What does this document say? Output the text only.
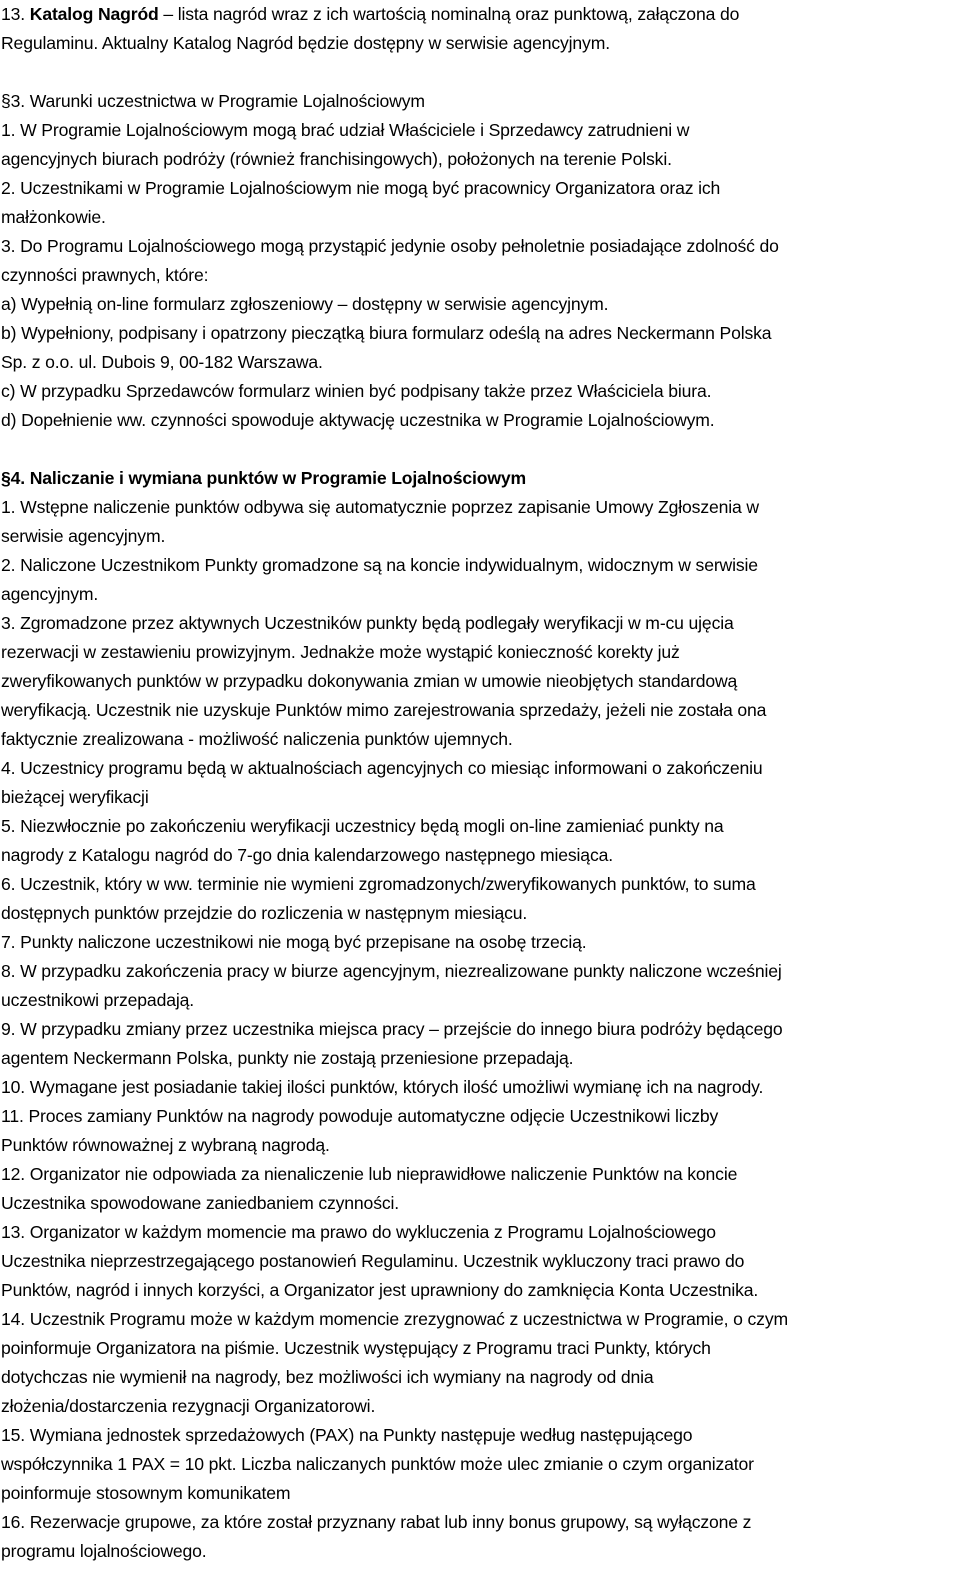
13. Katalog Nagród – lista nagród wraz z ich wartością nominalną oraz punktową, załączona do
Regulaminu. Aktualny Katalog Nagród będzie dostępny w serwisie agencyjnym.
§3. Warunki uczestnictwa w Programie Lojalnościowym
1. W Programie Lojalnościowym mogą brać udział Właściciele i Sprzedawcy zatrudnieni w
agencyjnych biurach podróży (również franchisingowych), położonych na terenie Polski.
2. Uczestnikami w Programie Lojalnościowym nie mogą być pracownicy Organizatora oraz ich
małżonkowie.
3. Do Programu Lojalnościowego mogą przystąpić jedynie osoby pełnoletnie posiadające zdolność do
czynności prawnych, które:
a) Wypełnią on-line formularz zgłoszeniowy – dostępny w serwisie agencyjnym.
b) Wypełniony, podpisany i opatrzony pieczątką biura formularz odeślą na adres Neckermann Polska
Sp. z o.o. ul. Dubois 9, 00-182 Warszawa.
c) W przypadku Sprzedawców formularz winien być podpisany także przez Właściciela biura.
d) Dopełnienie ww. czynności spowoduje aktywację uczestnika w Programie Lojalnościowym.
§4. Naliczanie i wymiana punktów w Programie Lojalnościowym
1. Wstępne naliczenie punktów odbywa się automatycznie poprzez zapisanie Umowy Zgłoszenia w
serwisie agencyjnym.
2. Naliczone Uczestnikom Punkty gromadzone są na koncie indywidualnym, widocznym w serwisie
agencyjnym.
3. Zgromadzone przez aktywnych Uczestników punkty będą podlegały weryfikacji w m-cu ujęcia
rezerwacji w zestawieniu prowizyjnym. Jednakże może wystąpić konieczność korekty już
zweryfikowanych punktów w przypadku dokonywania zmian w umowie nieobjętych standardową
weryfikacją. Uczestnik nie uzyskuje Punktów mimo zarejestrowania sprzedaży, jeżeli nie została ona
faktycznie zrealizowana - możliwość naliczenia punktów ujemnych.
4. Uczestnicy programu będą w aktualnościach agencyjnych co miesiąc informowani o zakończeniu
bieżącej weryfikacji
5. Niezwłocznie po zakończeniu weryfikacji uczestnicy będą mogli on-line zamieniać punkty na
nagrody z Katalogu nagród do 7-go dnia kalendarzowego następnego miesiąca.
6. Uczestnik, który w ww. terminie nie wymieni zgromadzonych/zweryfikowanych punktów, to suma
dostępnych punktów przejdzie do rozliczenia w następnym miesiącu.
7. Punkty naliczone uczestnikowi nie mogą być przepisane na osobę trzecią.
8. W przypadku zakończenia pracy w biurze agencyjnym, niezrealizowane punkty naliczone wcześniej
uczestnikowi przepadają.
9. W przypadku zmiany przez uczestnika miejsca pracy – przejście do innego biura podróży będącego
agentem Neckermann Polska, punkty nie zostają przeniesione przepadają.
10. Wymagane jest posiadanie takiej ilości punktów, których ilość umożliwi wymianę ich na nagrody.
11. Proces zamiany Punktów na nagrody powoduje automatyczne odjęcie Uczestnikowi liczby
Punktów równoważnej z wybraną nagrodą.
12. Organizator nie odpowiada za nienaliczenie lub nieprawidłowe naliczenie Punktów na koncie
Uczestnika spowodowane zaniedbaniem czynności.
13. Organizator w każdym momencie ma prawo do wykluczenia z Programu Lojalnościowego
Uczestnika nieprzestrzegającego postanowień Regulaminu. Uczestnik wykluczony traci prawo do
Punktów, nagród i innych korzyści, a Organizator jest uprawniony do zamknięcia Konta Uczestnika.
14. Uczestnik Programu może w każdym momencie zrezygnować z uczestnictwa w Programie, o czym
poinformuje Organizatora na piśmie. Uczestnik występujący z Programu traci Punkty, których
dotychczas nie wymienił na nagrody, bez możliwości ich wymiany na nagrody od dnia
złożenia/dostarczenia rezygnacji Organizatorowi.
15. Wymiana jednostek sprzedażowych (PAX) na Punkty następuje według następującego
współczynnika 1 PAX = 10 pkt. Liczba naliczanych punktów może ulec zmianie o czym organizator
poinformuje stosownym komunikatem
16. Rezerwacje grupowe, za które został przyznany rabat lub inny bonus grupowy, są wyłączone z
programu lojalnościowego.
